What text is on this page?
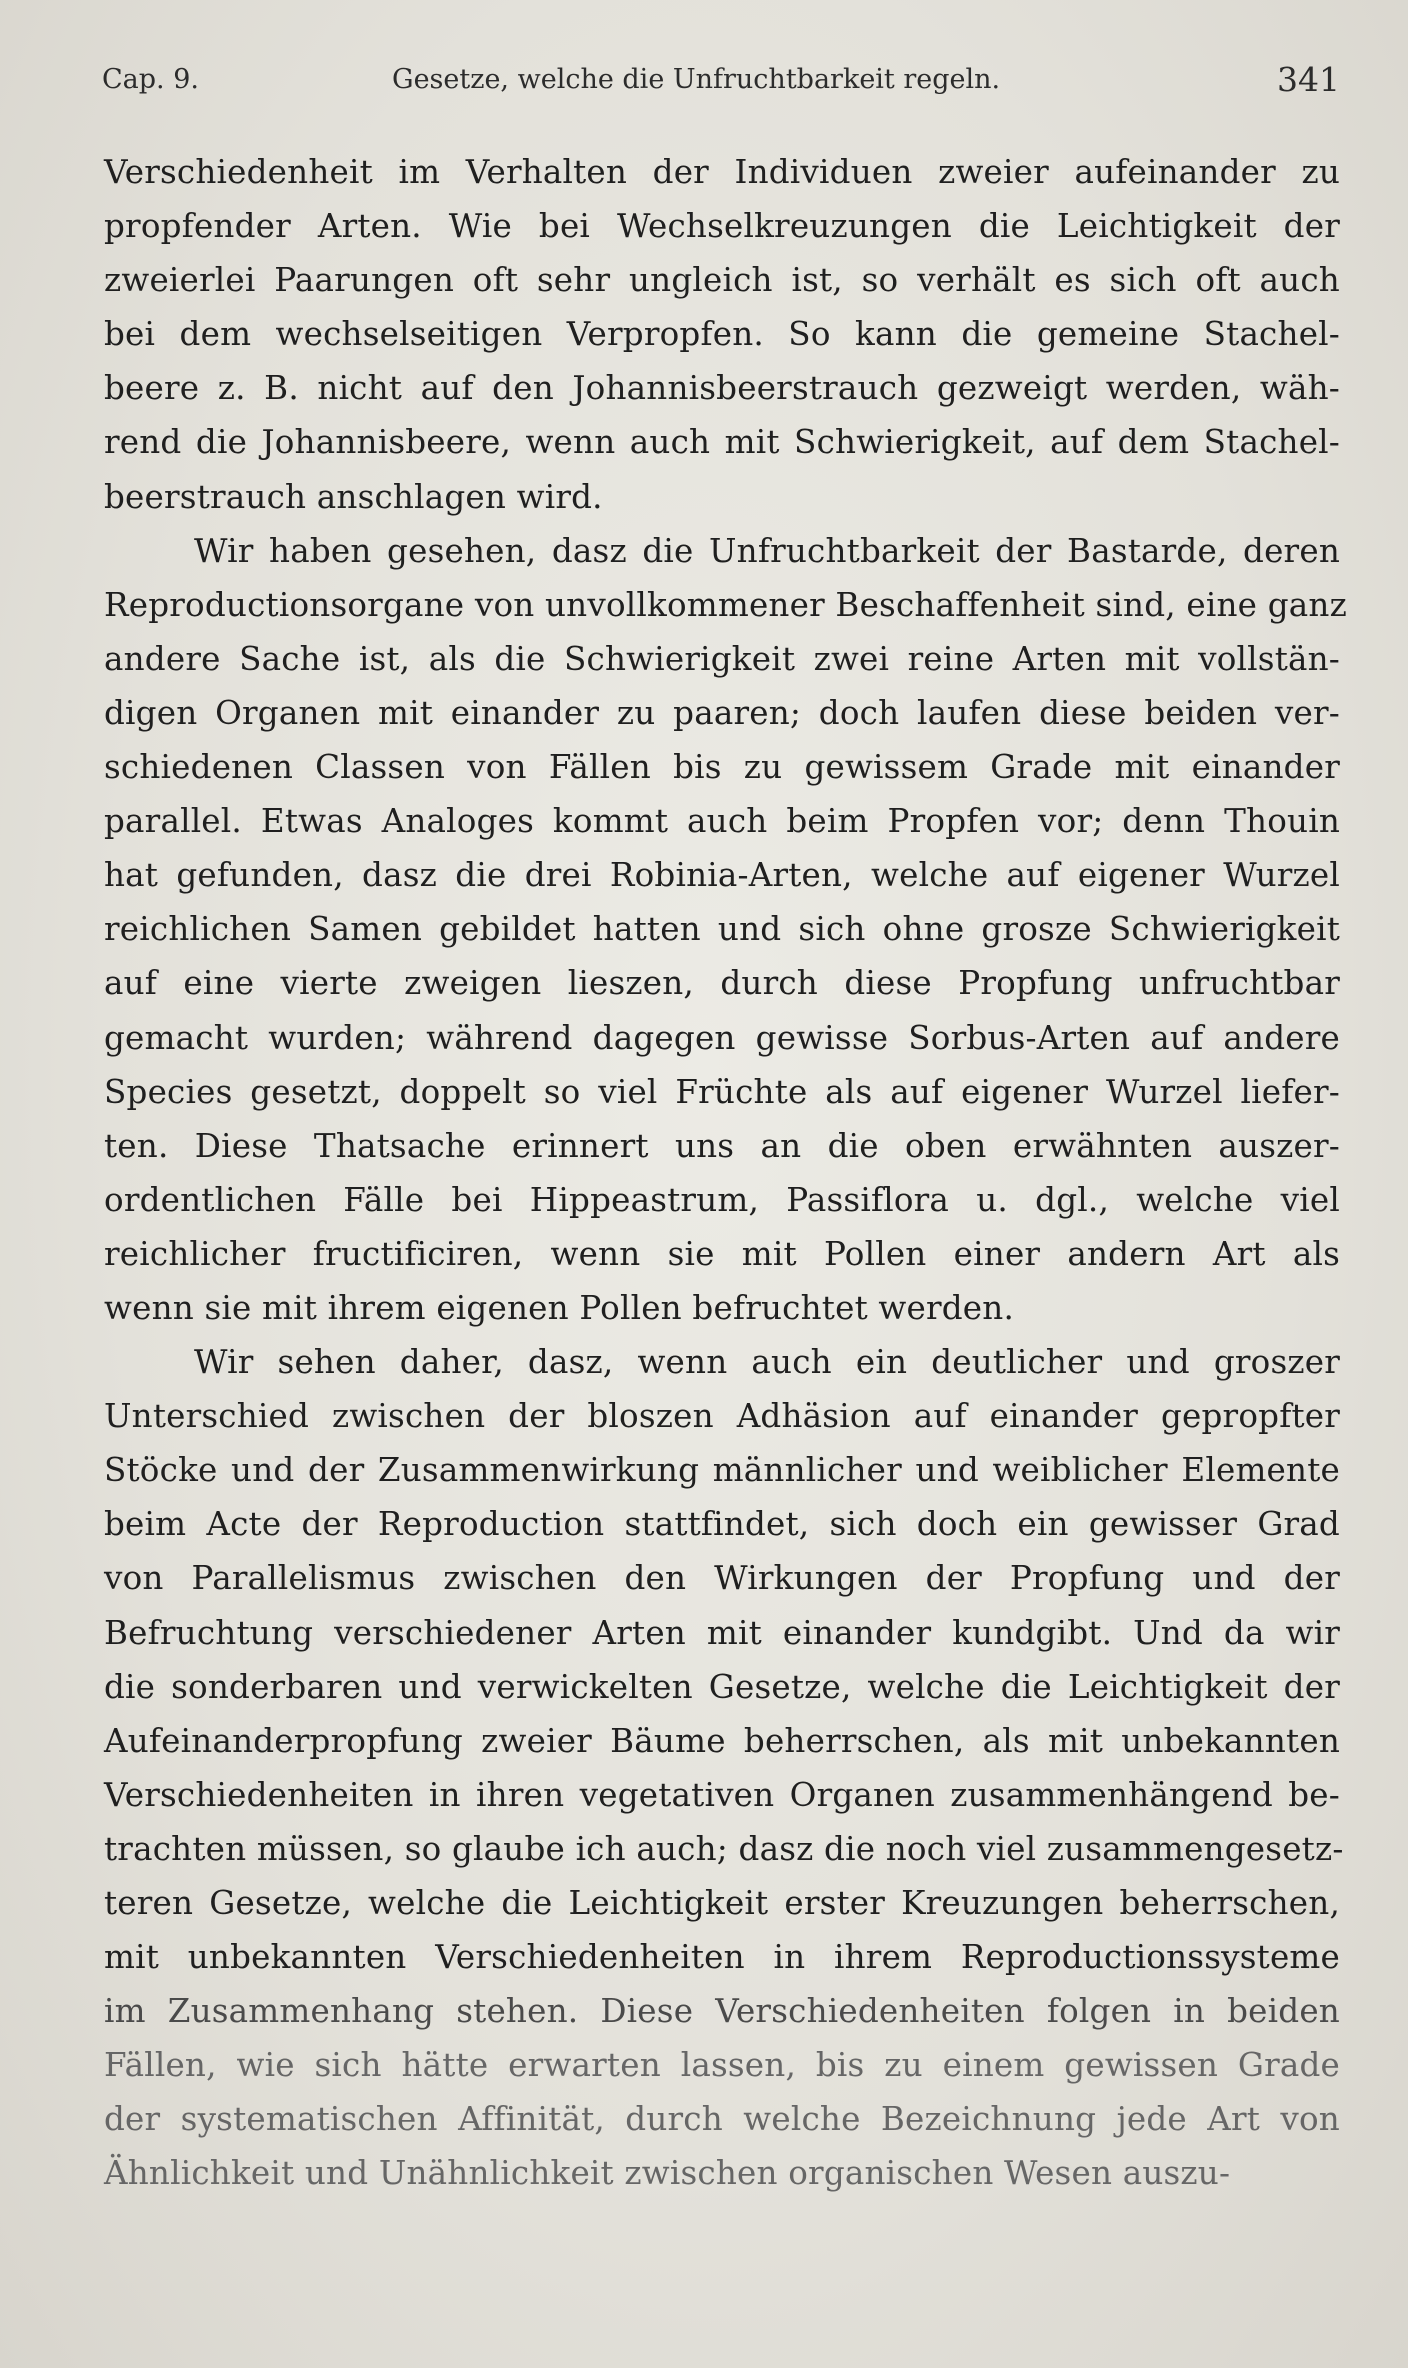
Cap. 9.	Gesetze, welche die Unfruchtbarkeit regeln.	341
Verschiedenheit im Verhalten der Individuen zweier aufeinander zu
propfender Arten. Wie bei Wechselkreuzungen die Leichtigkeit der
zweierlei Paarungen oft sehr ungleich ist, so verhält es sich oft auch
bei dem wechselseitigen Verpropfen. So kann die gemeine Stachel-
beere z. B. nicht auf den Johannisbeerstrauch gezweigt werden, wäh-
rend die Johannisbeere, wenn auch mit Schwierigkeit, auf dem Stachel-
beerstrauch anschlagen wird.
Wir haben gesehen, dasz die Unfruchtbarkeit der Bastarde, deren
Reproductionsorgane von unvollkommener Beschaffenheit sind, eine ganz
andere Sache ist, als die Schwierigkeit zwei reine Arten mit vollstän-
digen Organen mit einander zu paaren; doch laufen diese beiden ver-
schiedenen Classen von Fällen bis zu gewissem Grade mit einander
parallel. Etwas Analoges kommt auch beim Propfen vor; denn Thouin
hat gefunden, dasz die drei Robinia-Arten, welche auf eigener Wurzel
reichlichen Samen gebildet hatten und sich ohne grosze Schwierigkeit
auf eine vierte zweigen lieszen, durch diese Propfung unfruchtbar
gemacht wurden; während dagegen gewisse Sorbus-Arten auf andere
Species gesetzt, doppelt so viel Früchte als auf eigener Wurzel liefer-
ten. Diese Thatsache erinnert uns an die oben erwähnten auszer-
ordentlichen Fälle bei Hippeastrum, Passiflora u. dgl., welche viel
reichlicher fructificiren, wenn sie mit Pollen einer andern Art als
wenn sie mit ihrem eigenen Pollen befruchtet werden.
Wir sehen daher, dasz, wenn auch ein deutlicher und groszer
Unterschied zwischen der bloszen Adhäsion auf einander gepropfter
Stöcke und der Zusammenwirkung männlicher und weiblicher Elemente
beim Acte der Reproduction stattfindet, sich doch ein gewisser Grad
von Parallelismus zwischen den Wirkungen der Propfung und der
Befruchtung verschiedener Arten mit einander kundgibt. Und da wir
die sonderbaren und verwickelten Gesetze, welche die Leichtigkeit der
Aufeinanderpropfung zweier Bäume beherrschen, als mit unbekannten
Verschiedenheiten in ihren vegetativen Organen zusammenhängend be-
trachten müssen, so glaube ich auch; dasz die noch viel zusammengesetz-
teren Gesetze, welche die Leichtigkeit erster Kreuzungen beherrschen,
mit unbekannten Verschiedenheiten in ihrem Reproductionssysteme
im Zusammenhang stehen. Diese Verschiedenheiten folgen in beiden
Fällen, wie sich hätte erwarten lassen, bis zu einem gewissen Grade
der systematischen Affinität, durch welche Bezeichnung jede Art von
Ähnlichkeit und Unähnlichkeit zwischen organischen Wesen auszu-
